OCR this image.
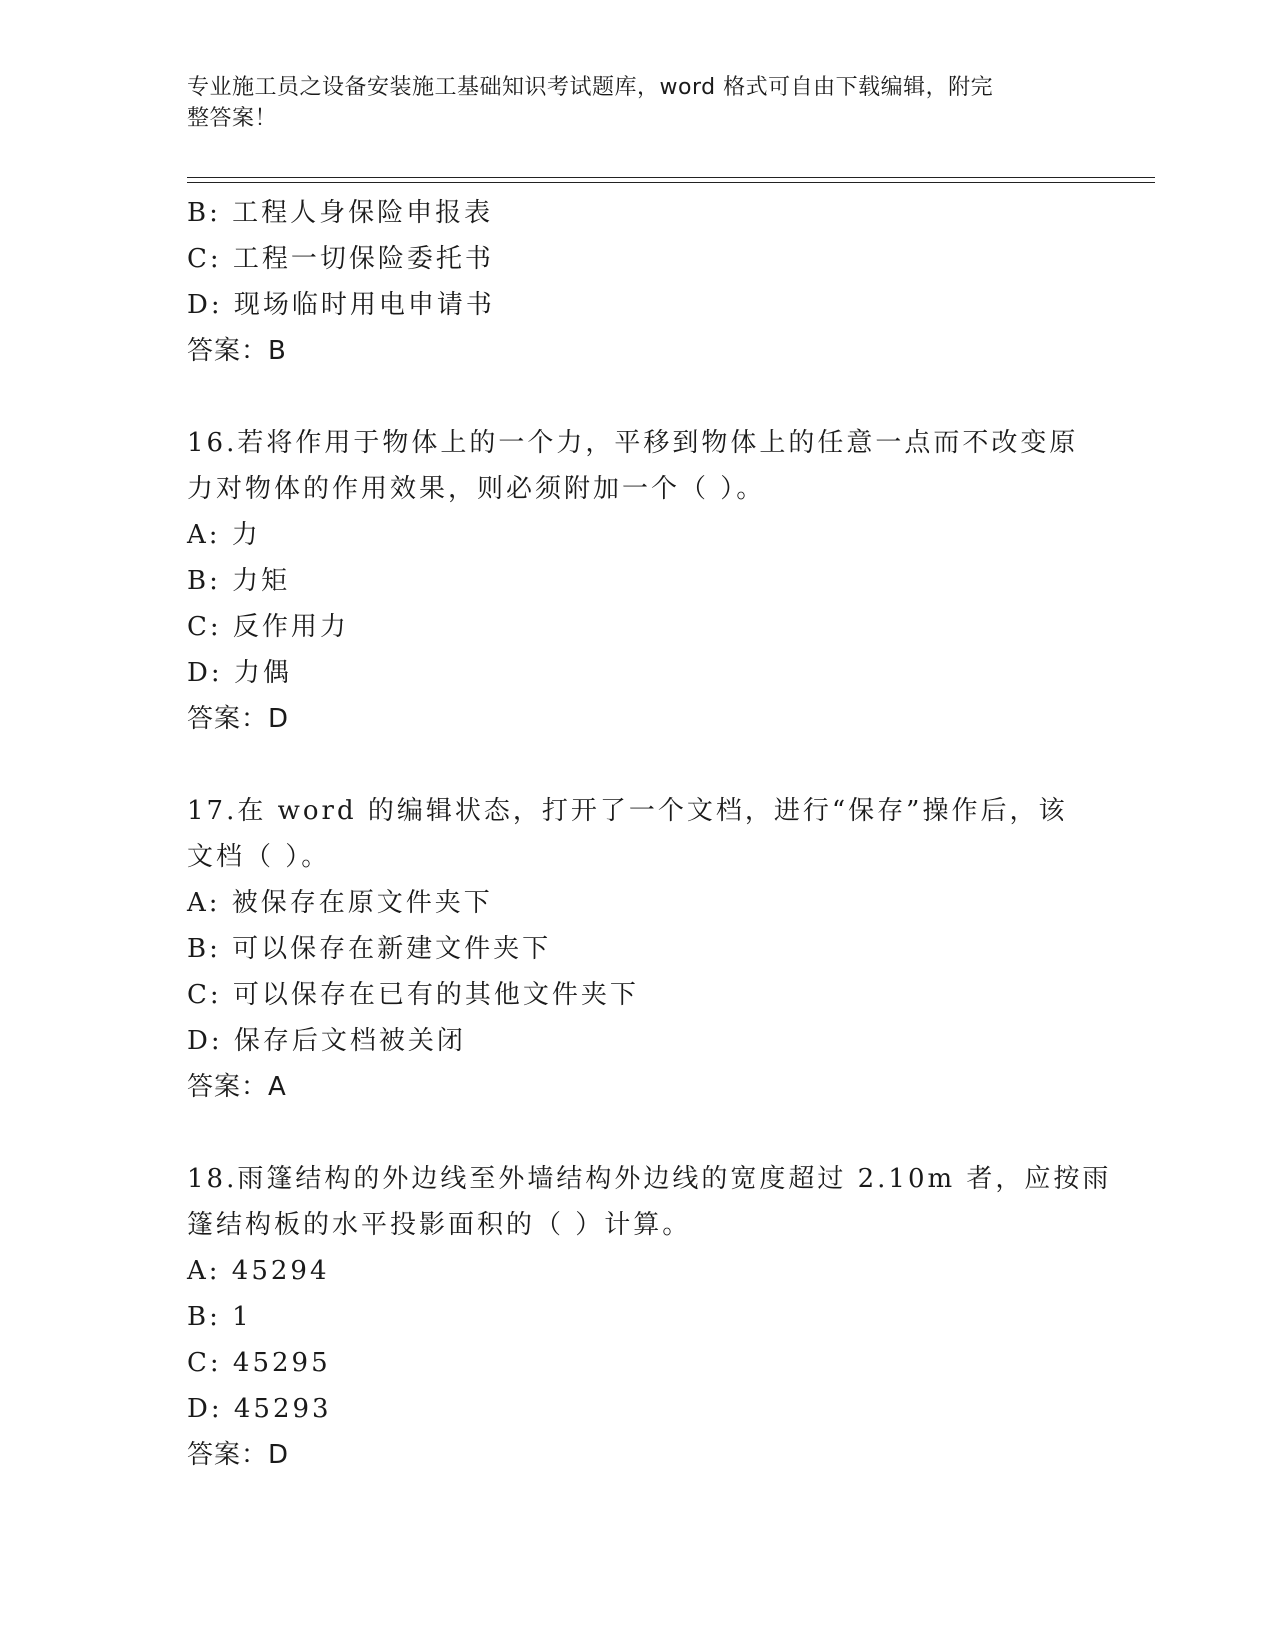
专业施工员之设备安装施工基础知识考试题库，word 格式可自由下载编辑，附完
整答案！
B: 工程人身保险申报表
C: 工程一切保险委托书
D: 现场临时用电申请书
答案：B
16.若将作用于物体上的一个力，平移到物体上的任意一点而不改变原
力对物体的作用效果，则必须附加一个（ ）。
A: 力
B: 力矩
C: 反作用力
D: 力偶
答案：D
17.在 word 的编辑状态，打开了一个文档，进行“保存”操作后，该
文档（ ）。
A: 被保存在原文件夹下
B: 可以保存在新建文件夹下
C: 可以保存在已有的其他文件夹下
D: 保存后文档被关闭
答案：A
18.雨篷结构的外边线至外墙结构外边线的宽度超过 2.10m 者，应按雨
篷结构板的水平投影面积的（ ）计算。
A: 45294
B: 1
C: 45295
D: 45293
答案：D
